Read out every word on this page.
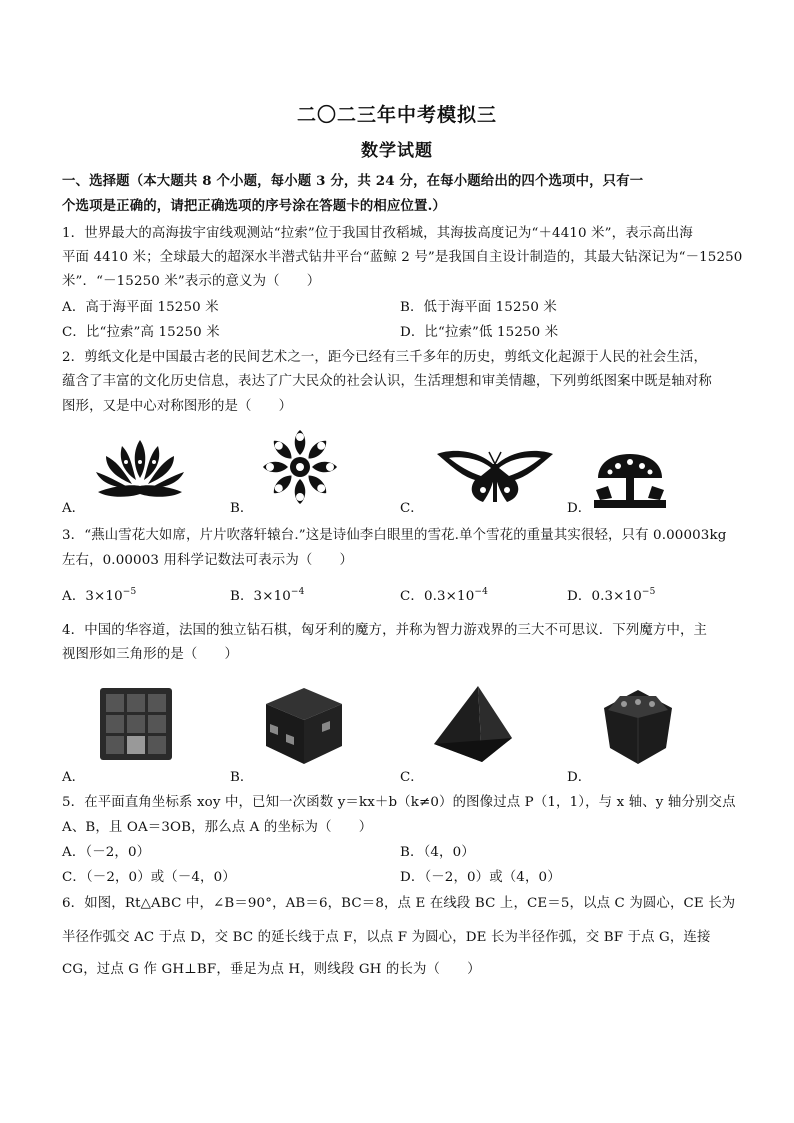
二〇二三年中考模拟三
数学试题
一、选择题（本大题共 8 个小题，每小题 3 分，共 24 分，在每小题给出的四个选项中，只有一
个选项是正确的，请把正确选项的序号涂在答题卡的相应位置.）
1．世界最大的高海拔宇宙线观测站“拉索”位于我国甘孜稻城，其海拔高度记为“＋4410 米”，表示高出海
平面 4410 米；全球最大的超深水半潜式钻井平台“蓝鲸 2 号”是我国自主设计制造的，其最大钻深记为“－15250
米”．“－15250 米”表示的意义为（　　）
A．高于海平面 15250 米	B．低于海平面 15250 米
C．比“拉索”高 15250 米	D．比“拉索”低 15250 米
2．剪纸文化是中国最古老的民间艺术之一，距今已经有三千多年的历史，剪纸文化起源于人民的社会生活，
蕴含了丰富的文化历史信息，表达了广大民众的社会认识，生活理想和审美情趣，下列剪纸图案中既是轴对称
图形，又是中心对称图形的是（　　）
A．	B．	C．	D．
3．“燕山雪花大如席，片片吹落轩辕台.”这是诗仙李白眼里的雪花.单个雪花的重量其实很轻，只有 0.00003kg
左右，0.00003 用科学记数法可表示为（　　）
A．$3\times 10^{-5}$	B．$3\times 10^{-4}$	C．$0.3\times 10^{-4}$	D．$0.3\times 10^{-5}$
4．中国的华容道，法国的独立钻石棋，匈牙利的魔方，并称为智力游戏界的三大不可思议．下列魔方中，主
视图形如三角形的是（　　）
A．	B．	C．	D．
5．在平面直角坐标系 xoy 中，已知一次函数 y＝kx＋b（k≠0）的图像过点 P（1，1），与 x 轴、y 轴分别交点
A、B，且 OA＝3OB，那么点 A 的坐标为（　　）
A．（－2，0）	B．（4，0）
C．（－2，0）或（－4，0）	D．（－2，0）或（4，0）
6．如图，Rt△ABC 中，∠B＝90°，AB＝6，BC＝8，点 E 在线段 BC 上，CE＝5，以点 C 为圆心，CE 长为
半径作弧交 AC 于点 D，交 BC 的延长线于点 F，以点 F 为圆心，DE 长为半径作弧，交 BF 于点 G，连接
CG，过点 G 作 GH⊥BF，垂足为点 H，则线段 GH 的长为（　　）
